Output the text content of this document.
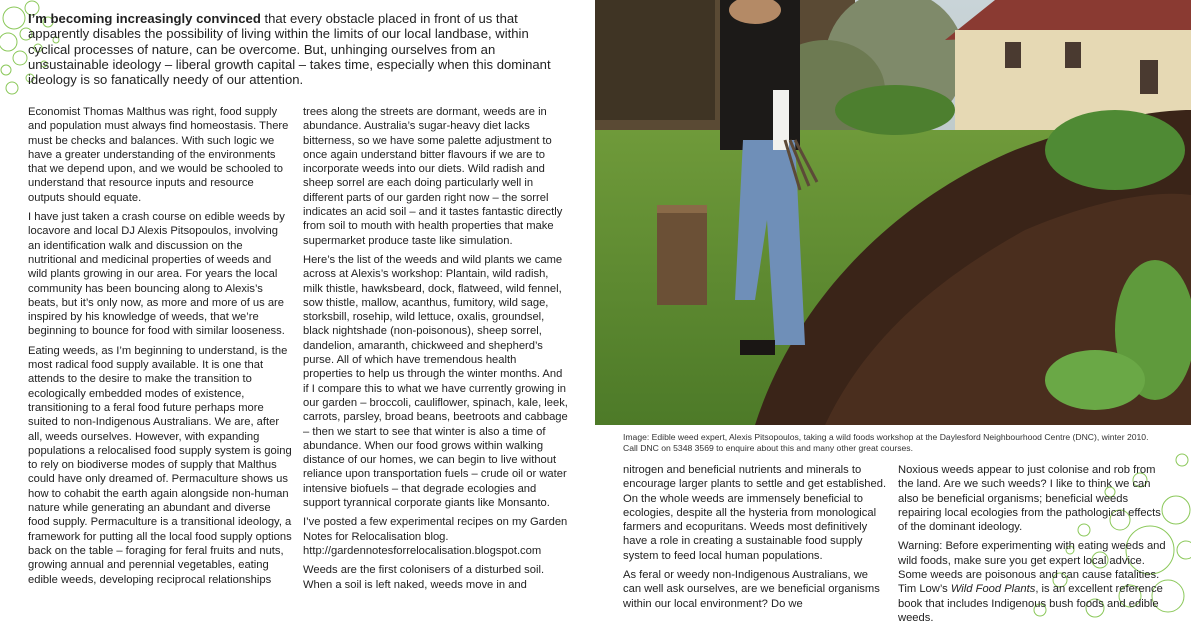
I’m becoming increasingly convinced that every obstacle placed in front of us that apparently disables the possibility of living within the limits of our local landbase, within cyclical processes of nature, can be overcome. But, unhinging ourselves from an unsustainable ideology – liberal growth capital – takes time, especially when this dominant ideology is so fanatically needy of our attention.

Economist Thomas Malthus was right, food supply and population must always find homeostasis. There must be checks and balances. With such logic we have a greater understanding of the environments that we depend upon, and we would be schooled to understand that resource inputs and resource outputs should equate.

I have just taken a crash course on edible weeds by locavore and local DJ Alexis Pitsopoulos, involving an identification walk and discussion on the nutritional and medicinal properties of weeds and wild plants growing in our area. For years the local community has been bouncing along to Alexis’s beats, but it’s only now, as more and more of us are inspired by his knowledge of weeds, that we’re beginning to bounce for food with similar looseness.

Eating weeds, as I’m beginning to understand, is the most radical food supply available. It is one that attends to the desire to make the transition to ecologically embedded modes of existence, transitioning to a feral food future perhaps more suited to non-Indigenous Australians. We are, after all, weeds ourselves. However, with expanding populations a relocalised food supply system is going to rely on biodiverse modes of supply that Malthus could have only dreamed of. Permaculture shows us how to cohabit the earth again alongside non-human nature while generating an abundant and diverse food supply. Permaculture is a transitional ideology, a framework for putting all the local food supply options back on the table – foraging for feral fruits and nuts, growing annual and perennial vegetables, eating edible weeds, developing reciprocal relationships

trees along the streets are dormant, weeds are in abundance. Australia’s sugar-heavy diet lacks bitterness, so we have some palette adjustment to once again understand bitter flavours if we are to incorporate weeds into our diets. Wild radish and sheep sorrel are each doing particularly well in different parts of our garden right now – the sorrel indicates an acid soil – and it tastes fantastic directly from soil to mouth with health properties that make supermarket produce taste like simulation.

Here’s the list of the weeds and wild plants we came across at Alexis’s workshop: Plantain, wild radish, milk thistle, hawksbeard, dock, flatweed, wild fennel, sow thistle, mallow, acanthus, fumitory, wild sage, storksbill, rosehip, wild lettuce, oxalis, groundsel, black nightshade (non-poisonous), sheep sorrel, dandelion, amaranth, chickweed and shepherd’s purse. All of which have tremendous health properties to help us through the winter months. And if I compare this to what we have currently growing in our garden – broccoli, cauliflower, spinach, kale, leek, carrots, parsley, broad beans, beetroots and cabbage – then we start to see that winter is also a time of abundance. When our food grows within walking distance of our homes, we can begin to live without reliance upon transportation fuels – crude oil or water intensive biofuels – that degrade ecologies and support tyrannical corporate giants like Monsanto.

I’ve posted a few experimental recipes on my Garden Notes for Relocalisation blog. http://gardennotesforrelocalisation.blogspot.com

Weeds are the first colonisers of a disturbed soil. When a soil is left naked, weeds move in and

Image: Edible weed expert, Alexis Pitsopoulos, taking a wild foods workshop at the Daylesford Neighbourhood Centre (DNC), winter 2010. Call DNC on 5348 3569 to enquire about this and many other great courses.

nitrogen and beneficial nutrients and minerals to encourage larger plants to settle and get established. On the whole weeds are immensely beneficial to ecologies, despite all the hysteria from monological farmers and ecopuritans. Weeds most definitively have a role in creating a sustainable food supply system to feed local human populations.

As feral or weedy non-Indigenous Australians, we can well ask ourselves, are we beneficial organisms within our local environment? Do we

Noxious weeds appear to just colonise and rob from the land. Are we such weeds? I like to think we can also be beneficial organisms; beneficial weeds repairing local ecologies from the pathological effects of the dominant ideology.

Warning: Before experimenting with eating weeds and wild foods, make sure you get expert local advice. Some weeds are poisonous and can cause fatalities. Tim Low’s Wild Food Plants, is an excellent reference book that includes Indigenous bush foods and edible weeds.
